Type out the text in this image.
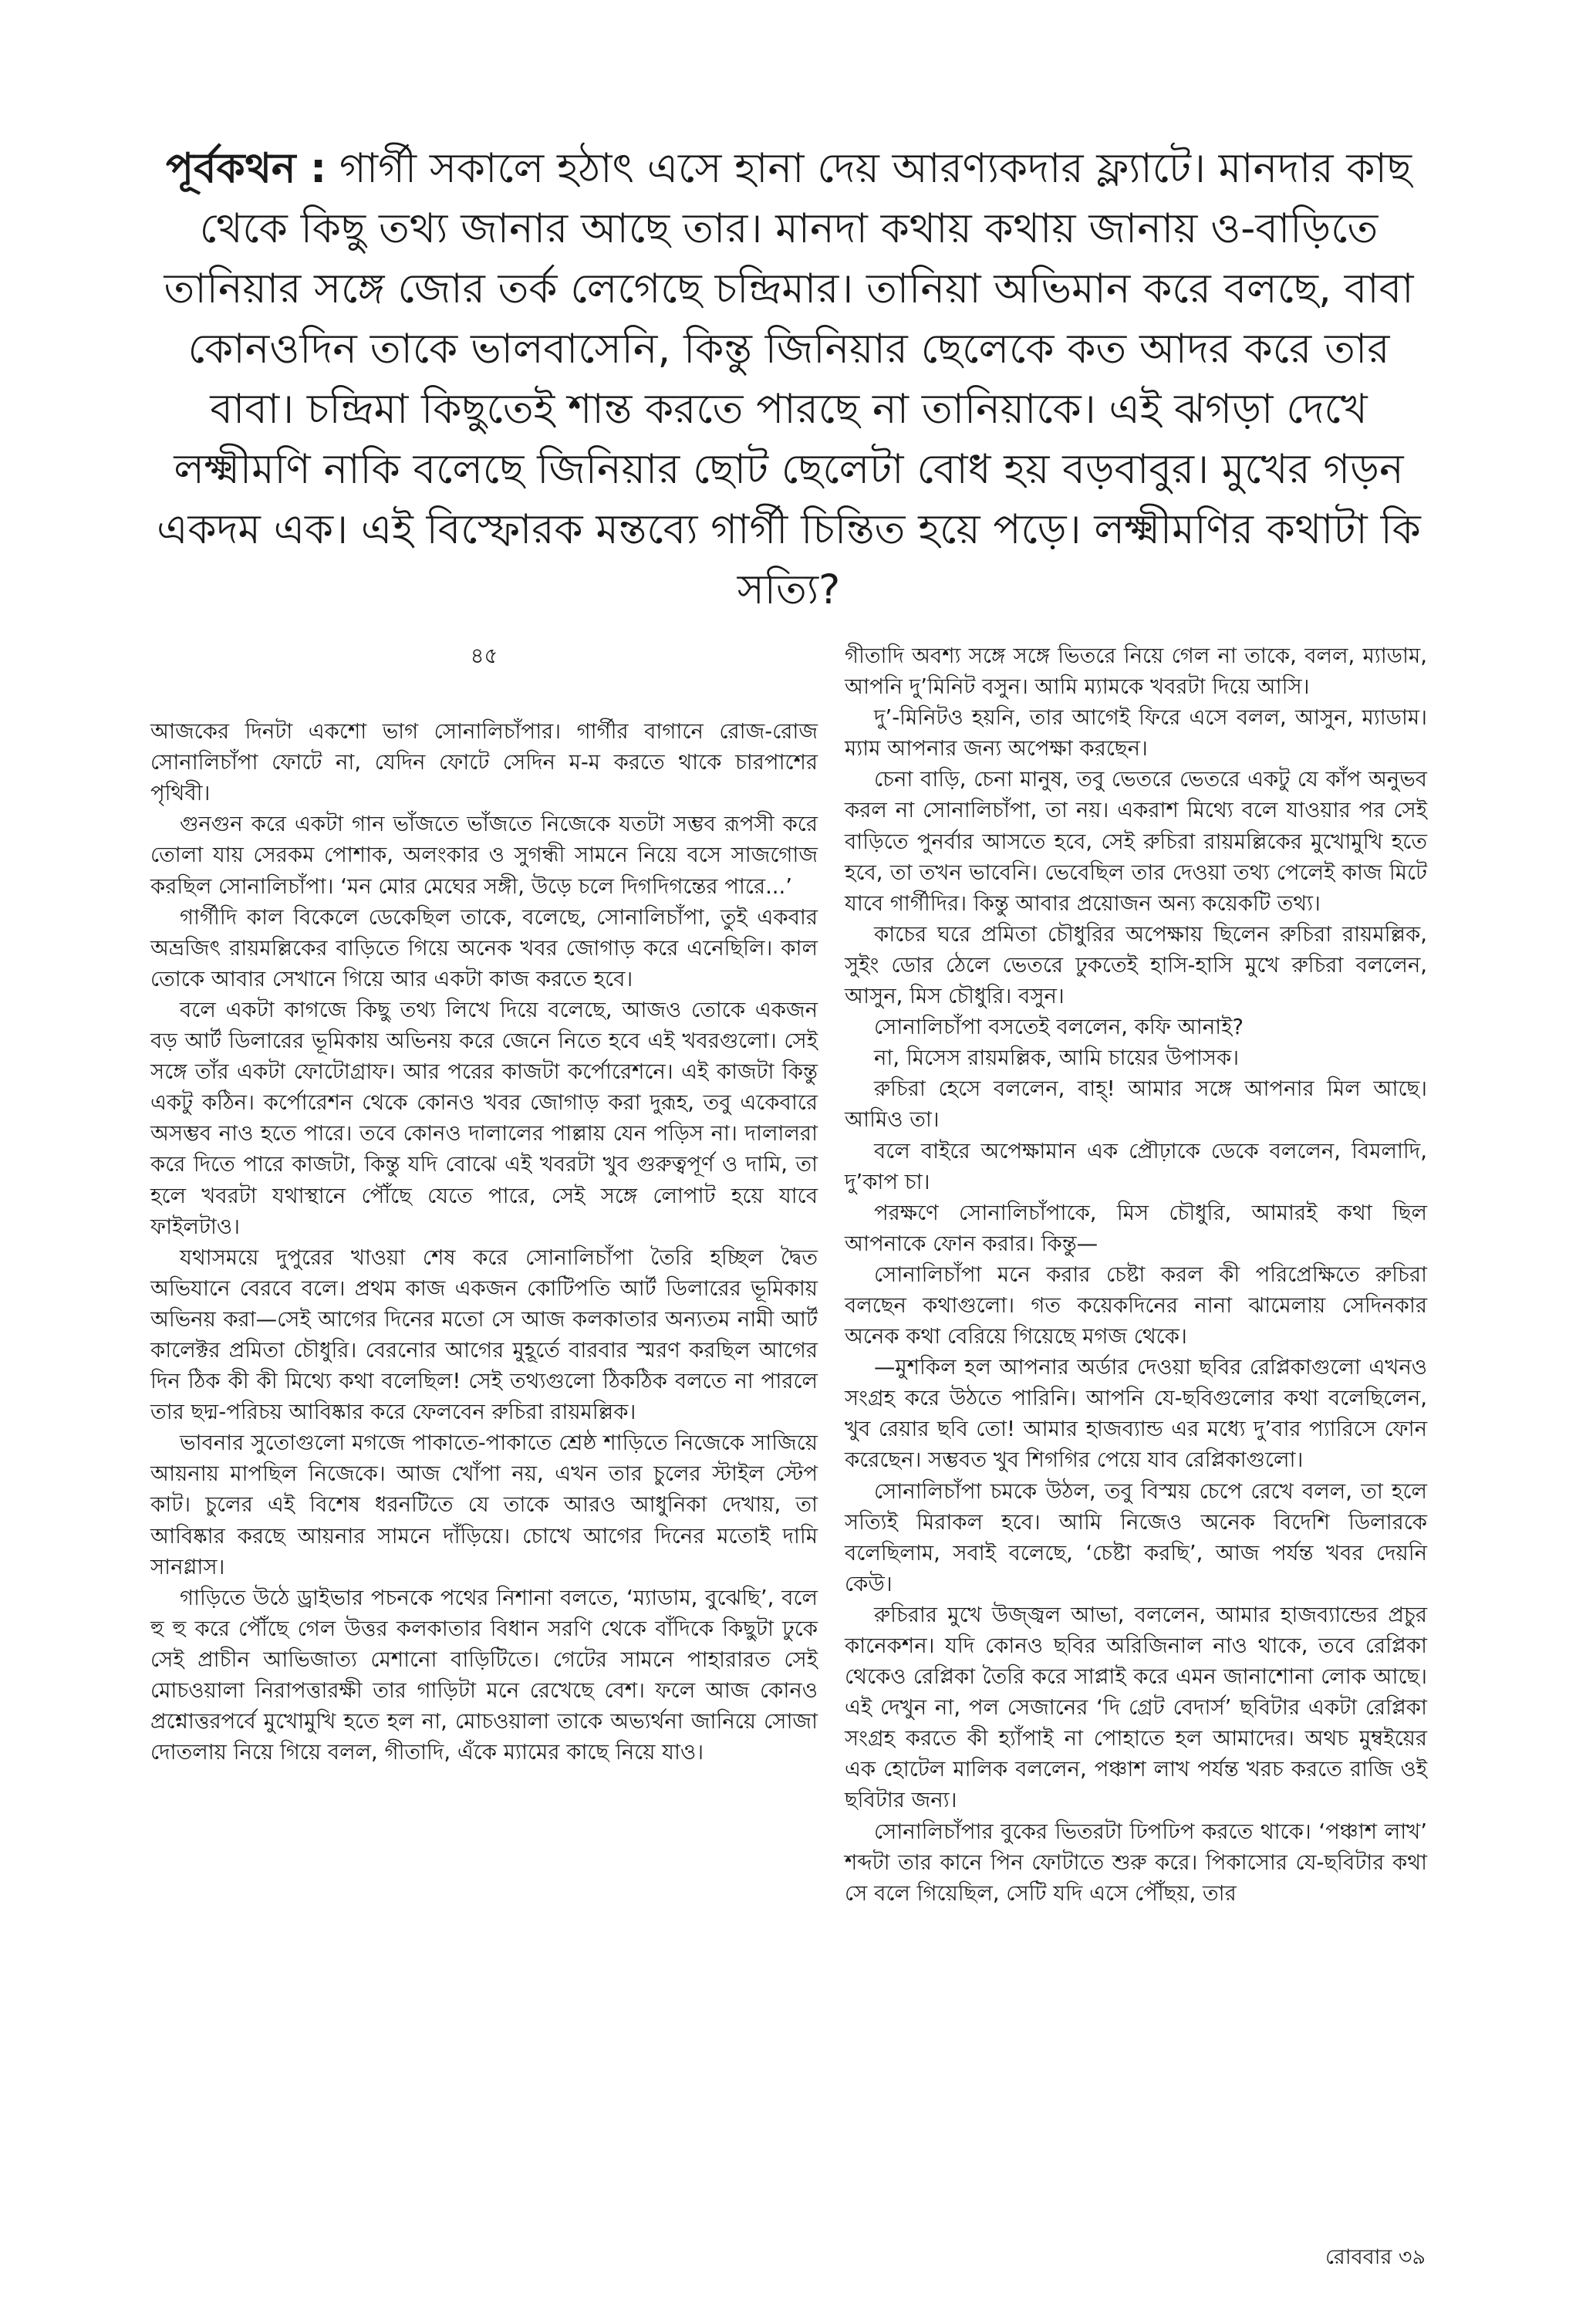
পূর্বকথন : গার্গী সকালে হঠাৎ এসে হানা দেয় আরণ্যকদার ফ্ল্যাটে। মানদার কাছ থেকে কিছু তথ্য জানার আছে তার। মানদা কথায় কথায় জানায় ও-বাড়িতে তানিয়ার সঙ্গে জোর তর্ক লেগেছে চন্দ্রিমার। তানিয়া অভিমান করে বলছে, বাবা কোনওদিন তাকে ভালবাসেনি, কিন্তু জিনিয়ার ছেলেকে কত আদর করে তার বাবা। চন্দ্রিমা কিছুতেই শান্ত করতে পারছে না তানিয়াকে। এই ঝগড়া দেখে লক্ষ্মীমণি নাকি বলেছে জিনিয়ার ছোট ছেলেটা বোধ হয় বড়বাবুর। মুখের গড়ন একদম এক। এই বিস্ফোরক মন্তব্যে গার্গী চিন্তিত হয়ে পড়ে। লক্ষ্মীমণির কথাটা কি সত্যি?
৪৫

আজকের দিনটা একশো ভাগ সোনালিচাঁপার। গার্গীর বাগানে রোজ-রোজ সোনালিচাঁপা ফোটে না, যেদিন ফোটে সেদিন ম-ম করতে থাকে চারপাশের পৃথিবী।

গুনগুন করে একটা গান ভাঁজতে ভাঁজতে নিজেকে যতটা সম্ভব রূপসী করে তোলা যায় সেরকম পোশাক, অলংকার ও সুগন্ধী সামনে নিয়ে বসে সাজগোজ করছিল সোনালিচাঁপা। ‘মন মোর মেঘের সঙ্গী, উড়ে চলে দিগদিগন্তের পারে...’

গার্গীদি কাল বিকেলে ডেকেছিল তাকে, বলেছে, সোনালিচাঁপা, তুই একবার অভ্রজিৎ রায়মল্লিকের বাড়িতে গিয়ে অনেক খবর জোগাড় করে এনেছিলি। কাল তোকে আবার সেখানে গিয়ে আর একটা কাজ করতে হবে।

বলে একটা কাগজে কিছু তথ্য লিখে দিয়ে বলেছে, আজও তোকে একজন বড় আর্ট ডিলারের ভূমিকায় অভিনয় করে জেনে নিতে হবে এই খবরগুলো। সেই সঙ্গে তাঁর একটা ফোটোগ্রাফ। আর পরের কাজটা কর্পোরেশনে। এই কাজটা কিন্তু একটু কঠিন। কর্পোরেশন থেকে কোনও খবর জোগাড় করা দুরূহ, তবু একেবারে অসম্ভব নাও হতে পারে। তবে কোনও দালালের পাল্লায় যেন পড়িস না। দালালরা করে দিতে পারে কাজটা, কিন্তু যদি বোঝে এই খবরটা খুব গুরুত্বপূর্ণ ও দামি, তা হলে খবরটা যথাস্থানে পৌঁছে যেতে পারে, সেই সঙ্গে লোপাট হয়ে যাবে ফাইলটাও।

যথাসময়ে দুপুরের খাওয়া শেষ করে সোনালিচাঁপা তৈরি হচ্ছিল দ্বৈত অভিযানে বেরবে বলে। প্রথম কাজ একজন কোটিপতি আর্ট ডিলারের ভূমিকায় অভিনয় করা—সেই আগের দিনের মতো সে আজ কলকাতার অন্যতম নামী আর্ট কালেক্টর প্রমিতা চৌধুরি। বেরনোর আগের মুহূর্তে বারবার স্মরণ করছিল আগের দিন ঠিক কী কী মিথ্যে কথা বলেছিল! সেই তথ্যগুলো ঠিকঠিক বলতে না পারলে তার ছদ্ম-পরিচয় আবিষ্কার করে ফেলবেন রুচিরা রায়মল্লিক।

ভাবনার সুতোগুলো মগজে পাকাতে-পাকাতে শ্রেষ্ঠ শাড়িতে নিজেকে সাজিয়ে আয়নায় মাপছিল নিজেকে। আজ খোঁপা নয়, এখন তার চুলের স্টাইল স্টেপ কাট। চুলের এই বিশেষ ধরনটিতে যে তাকে আরও আধুনিকা দেখায়, তা আবিষ্কার করছে আয়নার সামনে দাঁড়িয়ে। চোখে আগের দিনের মতোই দামি সানগ্লাস।

গাড়িতে উঠে ড্রাইভার পচনকে পথের নিশানা বলতে, ‘ম্যাডাম, বুঝেছি’, বলে হু হু করে পৌঁছে গেল উত্তর কলকাতার বিধান সরণি থেকে বাঁদিকে কিছুটা ঢুকে সেই প্রাচীন আভিজাত্য মেশানো বাড়িটিতে। গেটের সামনে পাহারারত সেই মোচওয়ালা নিরাপত্তারক্ষী তার গাড়িটা মনে রেখেছে বেশ। ফলে আজ কোনও প্রশ্নোত্তরপর্বে মুখোমুখি হতে হল না, মোচওয়ালা তাকে অভ্যর্থনা জানিয়ে সোজা দোতলায় নিয়ে গিয়ে বলল, গীতাদি, এঁকে ম্যামের কাছে নিয়ে যাও।

গীতাদি অবশ্য সঙ্গে সঙ্গে ভিতরে নিয়ে গেল না তাকে, বলল, ম্যাডাম, আপনি দু’মিনিট বসুন। আমি ম্যামকে খবরটা দিয়ে আসি।

দু’-মিনিটও হয়নি, তার আগেই ফিরে এসে বলল, আসুন, ম্যাডাম। ম্যাম আপনার জন্য অপেক্ষা করছেন।

চেনা বাড়ি, চেনা মানুষ, তবু ভেতরে ভেতরে একটু যে কাঁপ অনুভব করল না সোনালিচাঁপা, তা নয়। একরাশ মিথ্যে বলে যাওয়ার পর সেই বাড়িতে পুনর্বার আসতে হবে, সেই রুচিরা রায়মল্লিকের মুখোমুখি হতে হবে, তা তখন ভাবেনি। ভেবেছিল তার দেওয়া তথ্য পেলেই কাজ মিটে যাবে গার্গীদির। কিন্তু আবার প্রয়োজন অন্য কয়েকটি তথ্য।

কাচের ঘরে প্রমিতা চৌধুরির অপেক্ষায় ছিলেন রুচিরা রায়মল্লিক, সুইং ডোর ঠেলে ভেতরে ঢুকতেই হাসি-হাসি মুখে রুচিরা বললেন, আসুন, মিস চৌধুরি। বসুন।

সোনালিচাঁপা বসতেই বললেন, কফি আনাই?

না, মিসেস রায়মল্লিক, আমি চায়ের উপাসক।

রুচিরা হেসে বললেন, বাহ্! আমার সঙ্গে আপনার মিল আছে। আমিও তা।

বলে বাইরে অপেক্ষামান এক প্রৌঢ়াকে ডেকে বললেন, বিমলাদি, দু’কাপ চা।

পরক্ষণে সোনালিচাঁপাকে, মিস চৌধুরি, আমারই কথা ছিল আপনাকে ফোন করার। কিন্তু—

সোনালিচাঁপা মনে করার চেষ্টা করল কী পরিপ্রেক্ষিতে রুচিরা বলছেন কথাগুলো। গত কয়েকদিনের নানা ঝামেলায় সেদিনকার অনেক কথা বেরিয়ে গিয়েছে মগজ থেকে।

—মুশকিল হল আপনার অর্ডার দেওয়া ছবির রেপ্লিকাগুলো এখনও সংগ্রহ করে উঠতে পারিনি। আপনি যে-ছবিগুলোর কথা বলেছিলেন, খুব রেয়ার ছবি তো! আমার হাজব্যান্ড এর মধ্যে দু’বার প্যারিসে ফোন করেছেন। সম্ভবত খুব শিগগির পেয়ে যাব রেপ্লিকাগুলো।

সোনালিচাঁপা চমকে উঠল, তবু বিস্ময় চেপে রেখে বলল, তা হলে সত্যিই মিরাকল হবে। আমি নিজেও অনেক বিদেশি ডিলারকে বলেছিলাম, সবাই বলেছে, ‘চেষ্টা করছি’, আজ পর্যন্ত খবর দেয়নি কেউ।

রুচিরার মুখে উজ্জ্বল আভা, বললেন, আমার হাজব্যান্ডের প্রচুর কানেকশন। যদি কোনও ছবির অরিজিনাল নাও থাকে, তবে রেপ্লিকা থেকেও রেপ্লিকা তৈরি করে সাপ্লাই করে এমন জানাশোনা লোক আছে। এই দেখুন না, পল সেজানের ‘দি গ্রেট বেদার্স’ ছবিটার একটা রেপ্লিকা সংগ্রহ করতে কী হ্যাঁপাই না পোহাতে হল আমাদের। অথচ মুম্বইয়ের এক হোটেল মালিক বললেন, পঞ্চাশ লাখ পর্যন্ত খরচ করতে রাজি ওই ছবিটার জন্য।

সোনালিচাঁপার বুকের ভিতরটা ঢিপঢিপ করতে থাকে। ‘পঞ্চাশ লাখ’ শব্দটা তার কানে পিন ফোটাতে শুরু করে। পিকাসোর যে-ছবিটার কথা সে বলে গিয়েছিল, সেটি যদি এসে পৌঁছয়, তার

রোববার ৩৯
